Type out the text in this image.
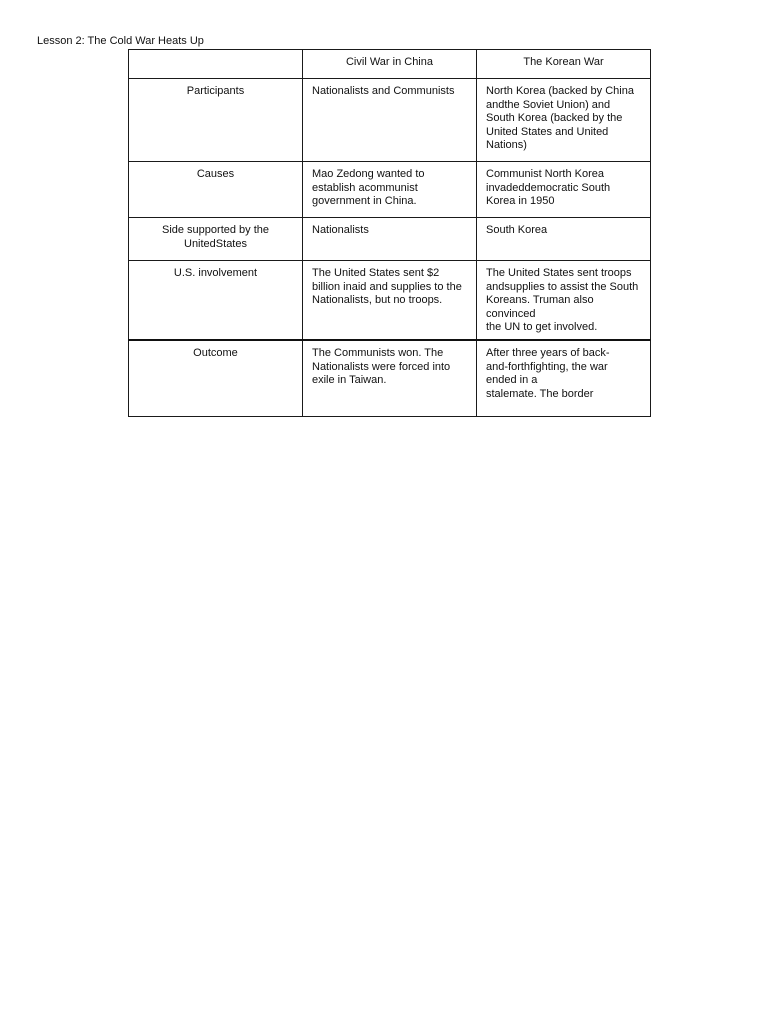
Lesson 2: The Cold War Heats Up
	Civil War in China	The Korean War
Participants	Nationalists and Communists	North Korea (backed by China
andthe Soviet Union) and
South Korea (backed by the
United States and United
Nations)
Causes	Mao Zedong wanted to
establish acommunist
government in China.	Communist North Korea
invadeddemocratic South
Korea in 1950
Side supported by the
UnitedStates	Nationalists	South Korea
U.S. involvement	The United States sent $2
billion inaid and supplies to the
Nationalists, but no troops.	The United States sent troops
andsupplies to assist the South
Koreans. Truman also convinced
the UN to get involved.
Outcome	The Communists won. The
Nationalists were forced into
exile in Taiwan.	After three years of back-
and-forthfighting, the war
ended in a
stalemate. The border
